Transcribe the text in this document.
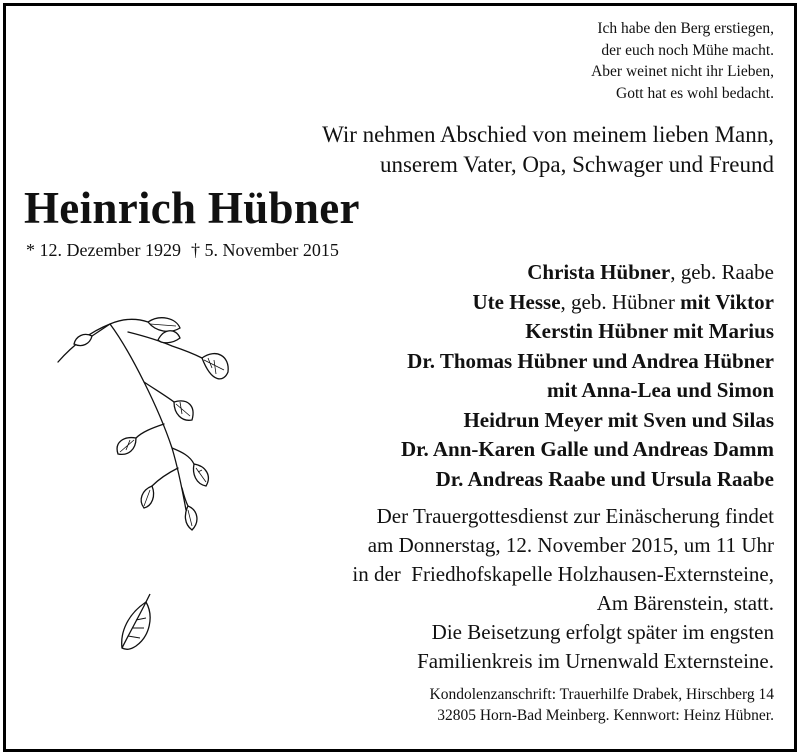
Ich habe den Berg erstiegen,
der euch noch Mühe macht.
Aber weinet nicht ihr Lieben,
Gott hat es wohl bedacht.
Wir nehmen Abschied von meinem lieben Mann,
unserem Vater, Opa, Schwager und Freund
Heinrich Hübner
* 12. Dezember 1929 † 5. November 2015
Christa Hübner, geb. Raabe
Ute Hesse, geb. Hübner mit Viktor
Kerstin Hübner mit Marius
Dr. Thomas Hübner und Andrea Hübner
mit Anna-Lea und Simon
Heidrun Meyer mit Sven und Silas
Dr. Ann-Karen Galle und Andreas Damm
Dr. Andreas Raabe und Ursula Raabe
Der Trauergottesdienst zur Einäscherung findet
am Donnerstag, 12. November 2015, um 11 Uhr
in der  Friedhofskapelle Holzhausen-Externsteine,
Am Bärenstein, statt.
Die Beisetzung erfolgt später im engsten
Familienkreis im Urnenwald Externsteine.
Kondolenzanschrift: Trauerhilfe Drabek, Hirschberg 14
32805 Horn-Bad Meinberg. Kennwort: Heinz Hübner.
